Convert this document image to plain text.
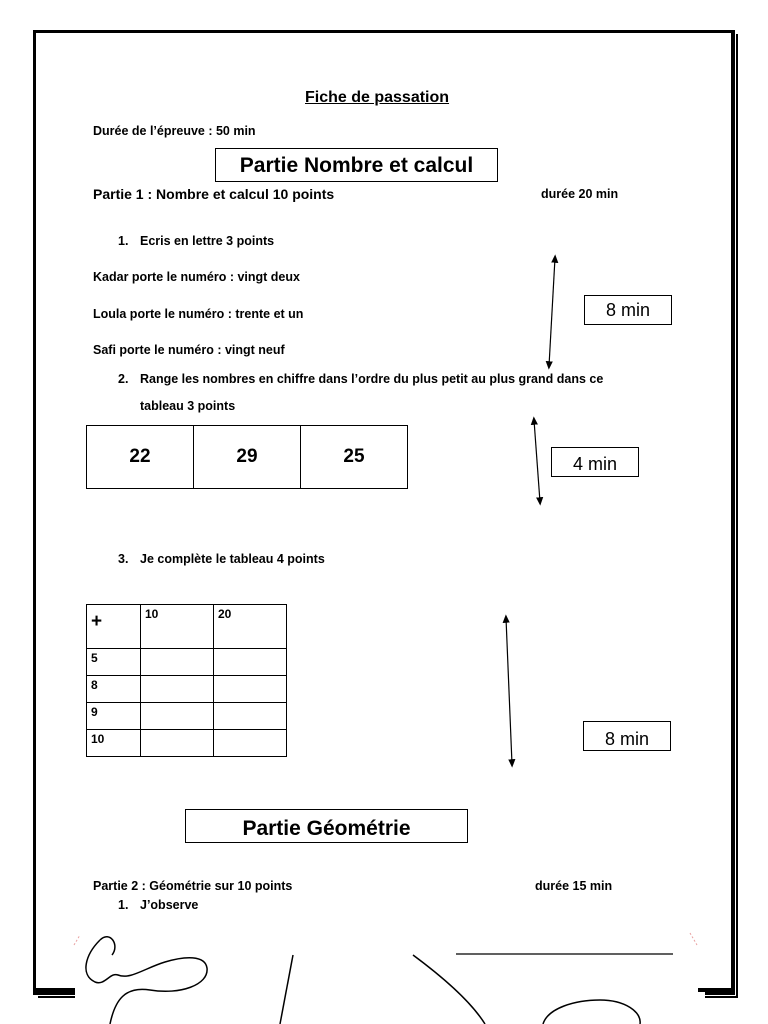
Fiche de passation
Durée de l’épreuve : 50 min
Partie Nombre et calcul
Partie 1 : Nombre et calcul 10 points	durée 20 min
1. Ecris en lettre 3 points
Kadar porte le numéro : vingt deux
Loula porte le numéro : trente et un
Safi porte le numéro : vingt neuf
8 min
2. Range les nombres en chiffre dans l’ordre du plus petit au plus grand dans ce
tableau 3 points
22	29	25	4 min
3. Je complète le tableau 4 points
+	10	20
5		
8		
9		
10			8 min
Partie Géométrie
Partie 2 : Géométrie sur 10 points	durée 15 min
1. J’observe
